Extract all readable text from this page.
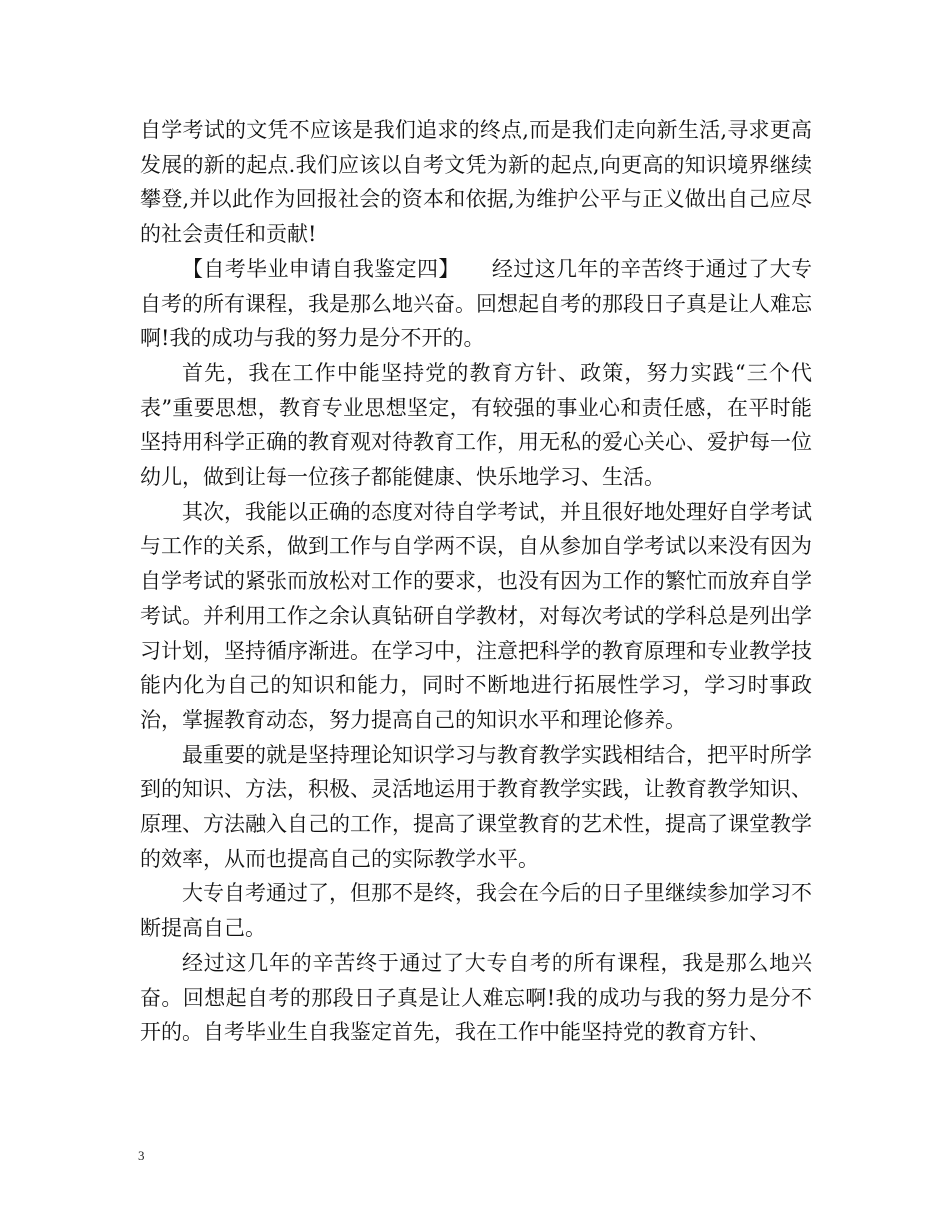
自学考试的文凭不应该是我们追求的终点,而是我们走向新生活,寻求更高发展的新的起点.我们应该以自考文凭为新的起点,向更高的知识境界继续攀登,并以此作为回报社会的资本和依据,为维护公平与正义做出自己应尽的社会责任和贡献!

【自考毕业申请自我鉴定四】　　经过这几年的辛苦终于通过了大专自考的所有课程，我是那么地兴奋。回想起自考的那段日子真是让人难忘啊!我的成功与我的努力是分不开的。

首先，我在工作中能坚持党的教育方针、政策，努力实践“三个代表”重要思想，教育专业思想坚定，有较强的事业心和责任感，在平时能坚持用科学正确的教育观对待教育工作，用无私的爱心关心、爱护每一位幼儿，做到让每一位孩子都能健康、快乐地学习、生活。

其次，我能以正确的态度对待自学考试，并且很好地处理好自学考试与工作的关系，做到工作与自学两不误，自从参加自学考试以来没有因为自学考试的紧张而放松对工作的要求，也没有因为工作的繁忙而放弃自学考试。并利用工作之余认真钻研自学教材，对每次考试的学科总是列出学习计划，坚持循序渐进。在学习中，注意把科学的教育原理和专业教学技能内化为自己的知识和能力，同时不断地进行拓展性学习，学习时事政治，掌握教育动态，努力提高自己的知识水平和理论修养。

最重要的就是坚持理论知识学习与教育教学实践相结合，把平时所学到的知识、方法，积极、灵活地运用于教育教学实践，让教育教学知识、原理、方法融入自己的工作，提高了课堂教育的艺术性，提高了课堂教学的效率，从而也提高自己的实际教学水平。

大专自考通过了，但那不是终，我会在今后的日子里继续参加学习不断提高自己。

经过这几年的辛苦终于通过了大专自考的所有课程，我是那么地兴奋。回想起自考的那段日子真是让人难忘啊!我的成功与我的努力是分不开的。自考毕业生自我鉴定首先，我在工作中能坚持党的教育方针、

3
